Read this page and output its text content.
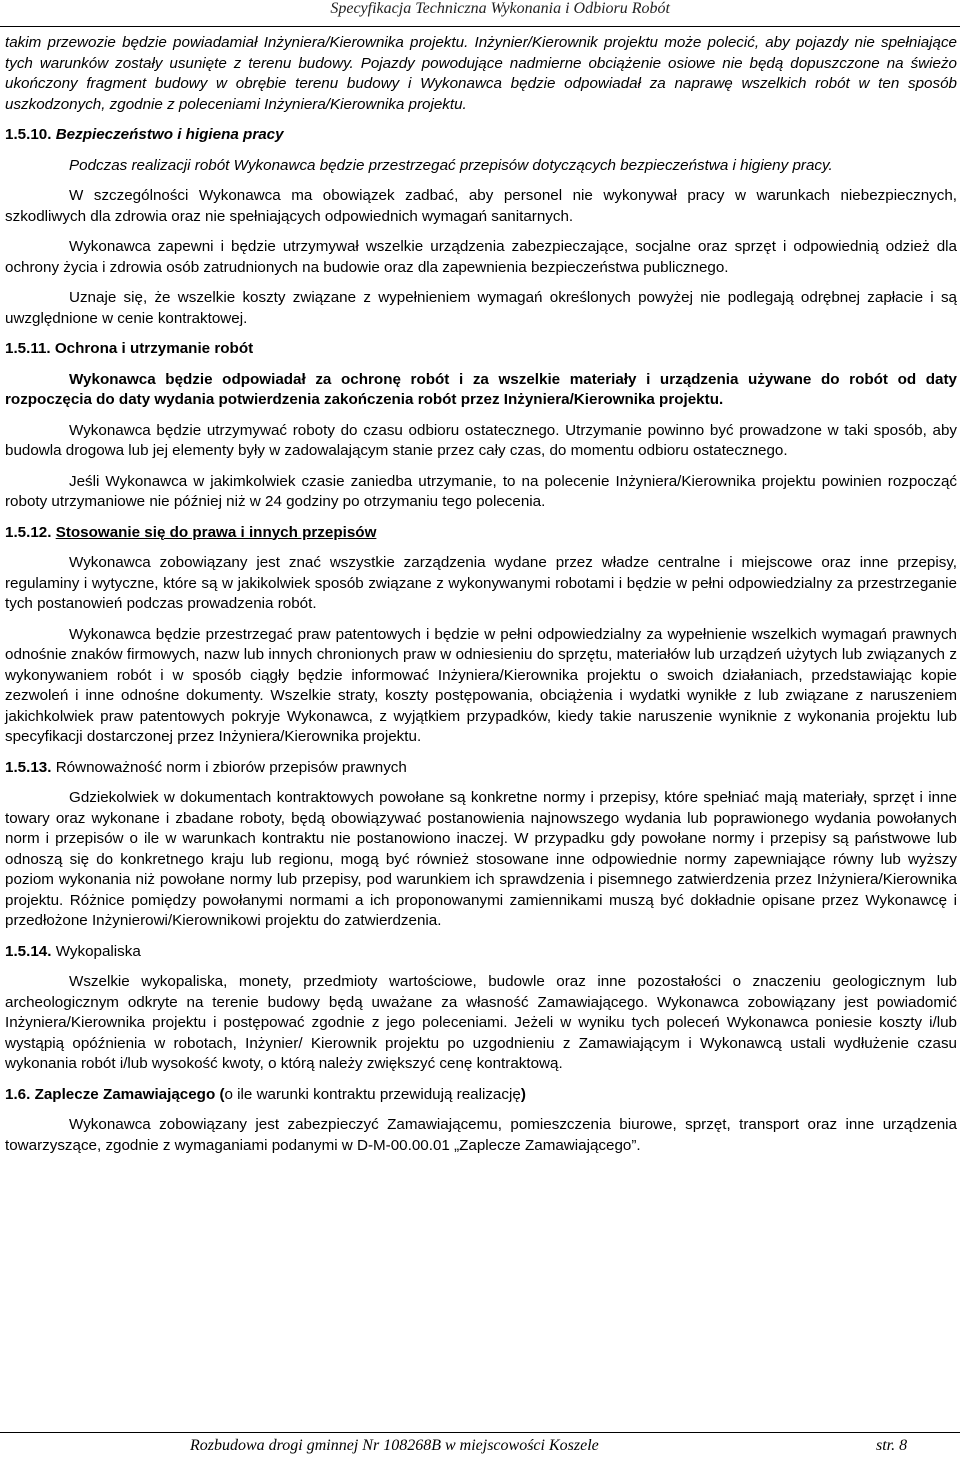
Specyfikacja Techniczna Wykonania i Odbioru Robót

takim przewozie będzie powiadamiał Inżyniera/Kierownika projektu. Inżynier/Kierownik projektu może polecić, aby pojazdy nie spełniające tych warunków zostały usunięte z terenu budowy. Pojazdy powodujące nadmierne obciążenie osiowe nie będą dopuszczone na świeżo ukończony fragment budowy w obrębie terenu budowy i Wykonawca będzie odpowiadał za naprawę wszelkich robót w ten sposób uszkodzonych, zgodnie z poleceniami Inżyniera/Kierownika projektu.

1.5.10. Bezpieczeństwo i higiena pracy

Podczas realizacji robót Wykonawca będzie przestrzegać przepisów dotyczących bezpieczeństwa i higieny pracy.

W szczególności Wykonawca ma obowiązek zadbać, aby personel nie wykonywał pracy w warunkach niebezpiecznych, szkodliwych dla zdrowia oraz nie spełniających odpowiednich wymagań sanitarnych.

Wykonawca zapewni i będzie utrzymywał wszelkie urządzenia zabezpieczające, socjalne oraz sprzęt i odpowiednią odzież dla ochrony życia i zdrowia osób zatrudnionych na budowie oraz dla zapewnienia bezpieczeństwa publicznego.

Uznaje się, że wszelkie koszty związane z wypełnieniem wymagań określonych powyżej nie podlegają odrębnej zapłacie i są uwzględnione w cenie kontraktowej.

1.5.11. Ochrona i utrzymanie robót

Wykonawca będzie odpowiadał za ochronę robót i za wszelkie materiały i urządzenia używane do robót od daty rozpoczęcia do daty wydania potwierdzenia zakończenia robót przez Inżyniera/Kierownika projektu.

Wykonawca będzie utrzymywać roboty do czasu odbioru ostatecznego. Utrzymanie powinno być prowadzone w taki sposób, aby budowla drogowa lub jej elementy były w zadowalającym stanie przez cały czas, do momentu odbioru ostatecznego.

Jeśli Wykonawca w jakimkolwiek czasie zaniedba utrzymanie, to na polecenie Inżyniera/Kierownika projektu powinien rozpocząć roboty utrzymaniowe nie później niż w 24 godziny po otrzymaniu tego polecenia.

1.5.12. Stosowanie się do prawa i innych przepisów

Wykonawca zobowiązany jest znać wszystkie zarządzenia wydane przez władze centralne i miejscowe oraz inne przepisy, regulaminy i wytyczne, które są w jakikolwiek sposób związane z wykonywanymi robotami i będzie w pełni odpowiedzialny za przestrzeganie tych postanowień podczas prowadzenia robót.

Wykonawca będzie przestrzegać praw patentowych i będzie w pełni odpowiedzialny za wypełnienie wszelkich wymagań prawnych odnośnie znaków firmowych, nazw lub innych chronionych praw w odniesieniu do sprzętu, materiałów lub urządzeń użytych lub związanych z wykonywaniem robót i w sposób ciągły będzie informować Inżyniera/Kierownika projektu o swoich działaniach, przedstawiając kopie zezwoleń i inne odnośne dokumenty. Wszelkie straty, koszty postępowania, obciążenia i wydatki wynikłe z lub związane z naruszeniem jakichkolwiek praw patentowych pokryje Wykonawca, z wyjątkiem przypadków, kiedy takie naruszenie wyniknie z wykonania projektu lub specyfikacji dostarczonej przez Inżyniera/Kierownika projektu.

1.5.13. Równoważność norm i zbiorów przepisów prawnych

Gdziekolwiek w dokumentach kontraktowych powołane są konkretne normy i przepisy, które spełniać mają materiały, sprzęt i inne towary oraz wykonane i zbadane roboty, będą obowiązywać postanowienia najnowszego wydania lub poprawionego wydania powołanych norm i przepisów o ile w warunkach kontraktu nie postanowiono inaczej. W przypadku gdy powołane normy i przepisy są państwowe lub odnoszą się do konkretnego kraju lub regionu, mogą być również stosowane inne odpowiednie normy zapewniające równy lub wyższy poziom wykonania niż powołane normy lub przepisy, pod warunkiem ich sprawdzenia i pisemnego zatwierdzenia przez Inżyniera/Kierownika projektu. Różnice pomiędzy powołanymi normami a ich proponowanymi zamiennikami muszą być dokładnie opisane przez Wykonawcę i przedłożone Inżynierowi/Kierownikowi projektu do zatwierdzenia.

1.5.14. Wykopaliska

Wszelkie wykopaliska, monety, przedmioty wartościowe, budowle oraz inne pozostałości o znaczeniu geologicznym lub archeologicznym odkryte na terenie budowy będą uważane za własność Zamawiającego. Wykonawca zobowiązany jest powiadomić Inżyniera/Kierownika projektu i postępować zgodnie z jego poleceniami. Jeżeli w wyniku tych poleceń Wykonawca poniesie koszty i/lub wystąpią opóźnienia w robotach, Inżynier/ Kierownik projektu po uzgodnieniu z Zamawiającym i Wykonawcą ustali wydłużenie czasu wykonania robót i/lub wysokość kwoty, o którą należy zwiększyć cenę kontraktową.

1.6. Zaplecze Zamawiającego (o ile warunki kontraktu przewidują realizację)

Wykonawca zobowiązany jest zabezpieczyć Zamawiającemu, pomieszczenia biurowe, sprzęt, transport oraz inne urządzenia towarzyszące, zgodnie z wymaganiami podanymi w D-M-00.00.01 „Zaplecze Zamawiającego”.

Rozbudowa drogi gminnej Nr 108268B w miejscowości Koszele	str. 8
